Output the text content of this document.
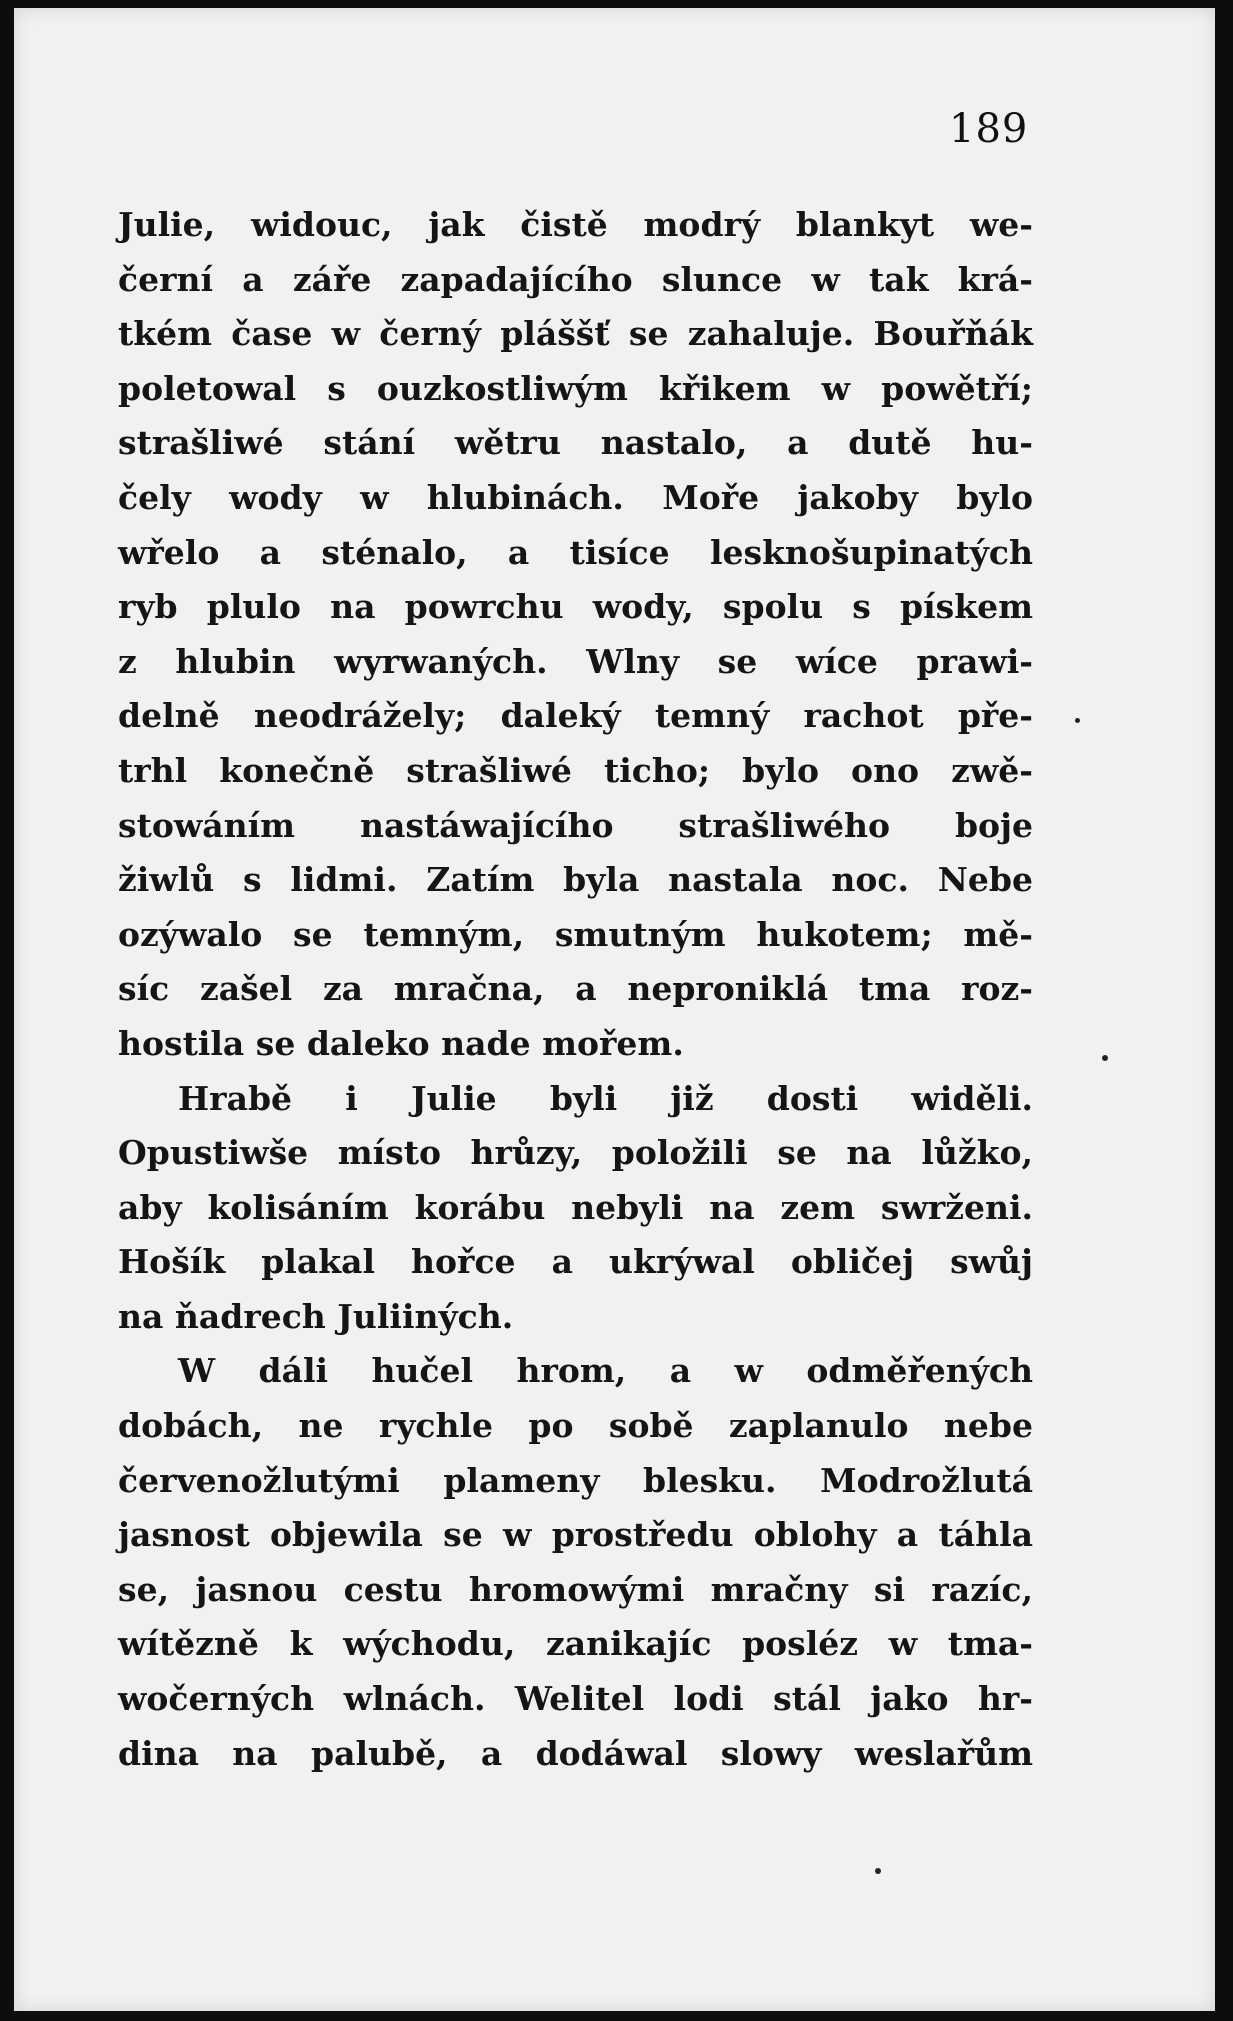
189
Julie, widouc, jak čistě modrý blankyt we-
černí a záře zapadajícího slunce w tak krá-
tkém čase w černý pláššť se zahaluje. Bouřňák
poletowal s ouzkostliwým křikem w powětří;
strašliwé stání wětru nastalo, a dutě hu-
čely wody w hlubinách. Moře jakoby bylo
wřelo a sténalo, a tisíce lesknošupinatých
ryb plulo na powrchu wody, spolu s pískem
z hlubin wyrwaných. Wlny se wíce prawi-
delně neodrážely; daleký temný rachot pře-
trhl konečně strašliwé ticho; bylo ono zwě-
stowáním nastáwajícího strašliwého boje
žiwlů s lidmi. Zatím byla nastala noc. Nebe
ozýwalo se temným, smutným hukotem; mě-
síc zašel za mračna, a neproniklá tma roz-
hostila se daleko nade mořem.
Hrabě i Julie byli již dosti widěli.
Opustiwše místo hrůzy, položili se na lůžko,
aby kolisáním korábu nebyli na zem swrženi.
Hošík plakal hořce a ukrýwal obličej swůj
na ňadrech Juliiných.
W dáli hučel hrom, a w odměřených
dobách, ne rychle po sobě zaplanulo nebe
červenožlutými plameny blesku. Modrožlutá
jasnost objewila se w prostředu oblohy a táhla
se, jasnou cestu hromowými mračny si razíc,
wítězně k wýchodu, zanikajíc posléz w tma-
wočerných wlnách. Welitel lodi stál jako hr-
dina na palubě, a dodáwal slowy weslařům
